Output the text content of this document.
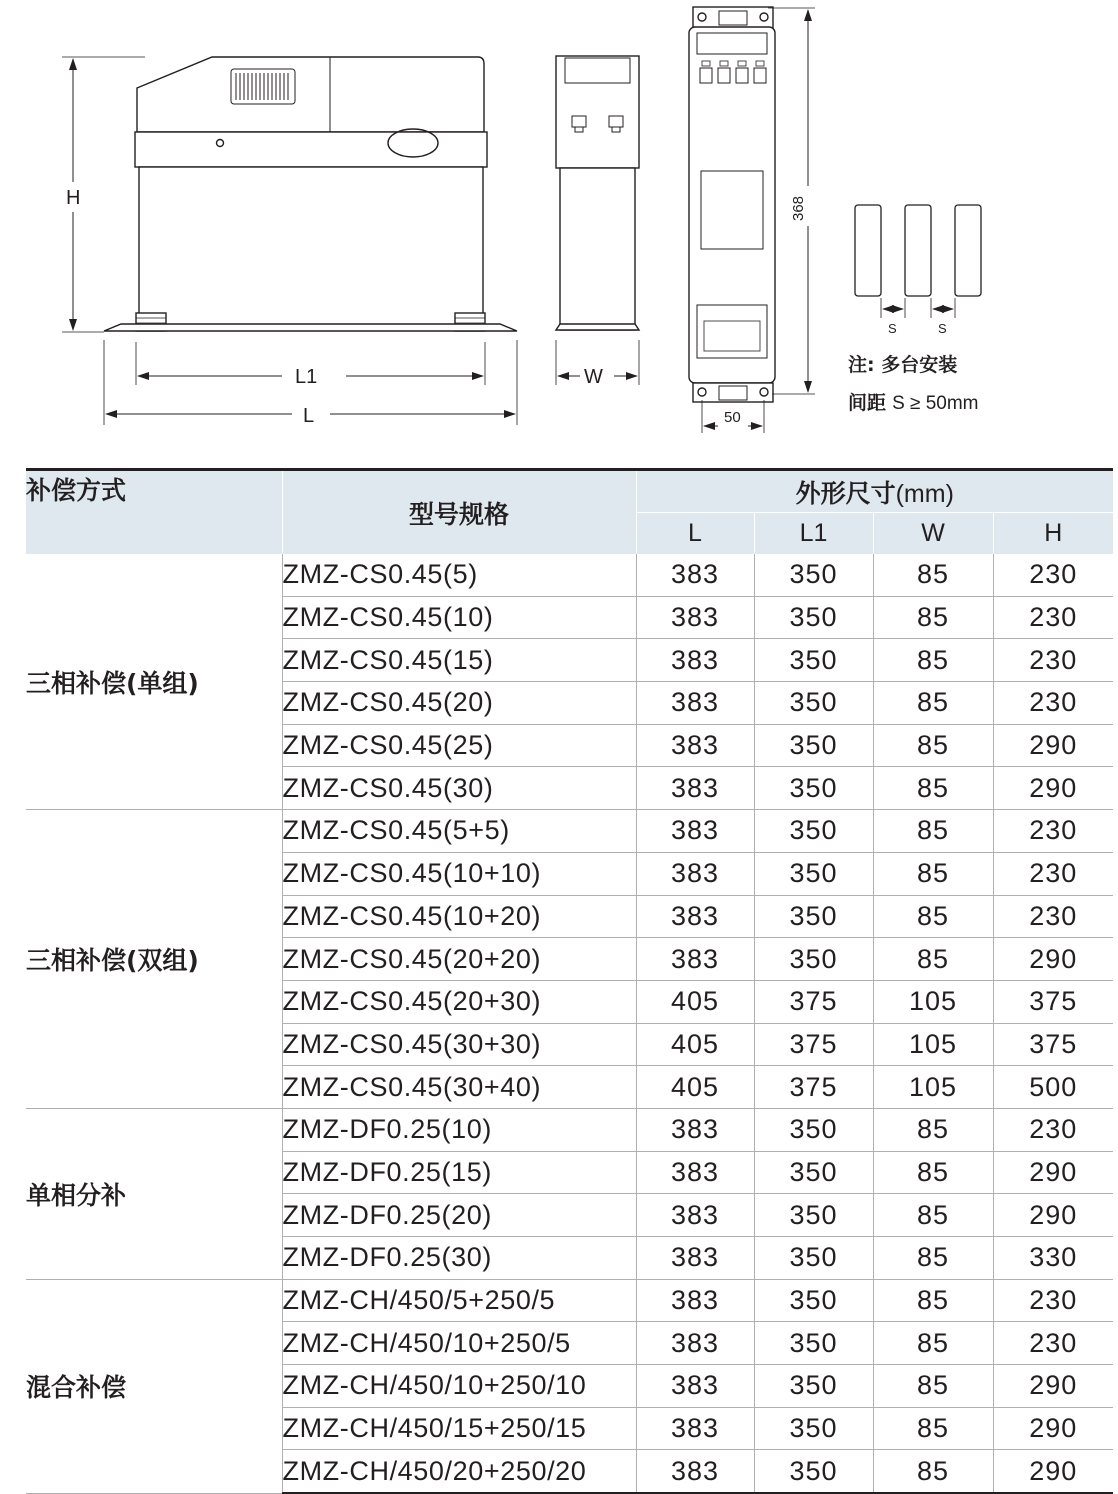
H
L1
L
W
368
50
S	S
注: 多台安装
间距 S ≥ 50mm
补偿方式	型号规格	外形尺寸(mm)			
		L	L1	W	H
三相补偿(单组)	ZMZ-CS0.45(5)	383	350	85	230
	ZMZ-CS0.45(10)	383	350	85	230
	ZMZ-CS0.45(15)	383	350	85	230
	ZMZ-CS0.45(20)	383	350	85	230
	ZMZ-CS0.45(25)	383	350	85	290
	ZMZ-CS0.45(30)	383	350	85	290
三相补偿(双组)	ZMZ-CS0.45(5+5)	383	350	85	230
	ZMZ-CS0.45(10+10)	383	350	85	230
	ZMZ-CS0.45(10+20)	383	350	85	230
	ZMZ-CS0.45(20+20)	383	350	85	290
	ZMZ-CS0.45(20+30)	405	375	105	375
	ZMZ-CS0.45(30+30)	405	375	105	375
	ZMZ-CS0.45(30+40)	405	375	105	500
单相分补	ZMZ-DF0.25(10)	383	350	85	230
	ZMZ-DF0.25(15)	383	350	85	290
	ZMZ-DF0.25(20)	383	350	85	290
	ZMZ-DF0.25(30)	383	350	85	330
混合补偿	ZMZ-CH/450/5+250/5	383	350	85	230
	ZMZ-CH/450/10+250/5	383	350	85	230
	ZMZ-CH/450/10+250/10	383	350	85	290
	ZMZ-CH/450/15+250/15	383	350	85	290
	ZMZ-CH/450/20+250/20	383	350	85	290
